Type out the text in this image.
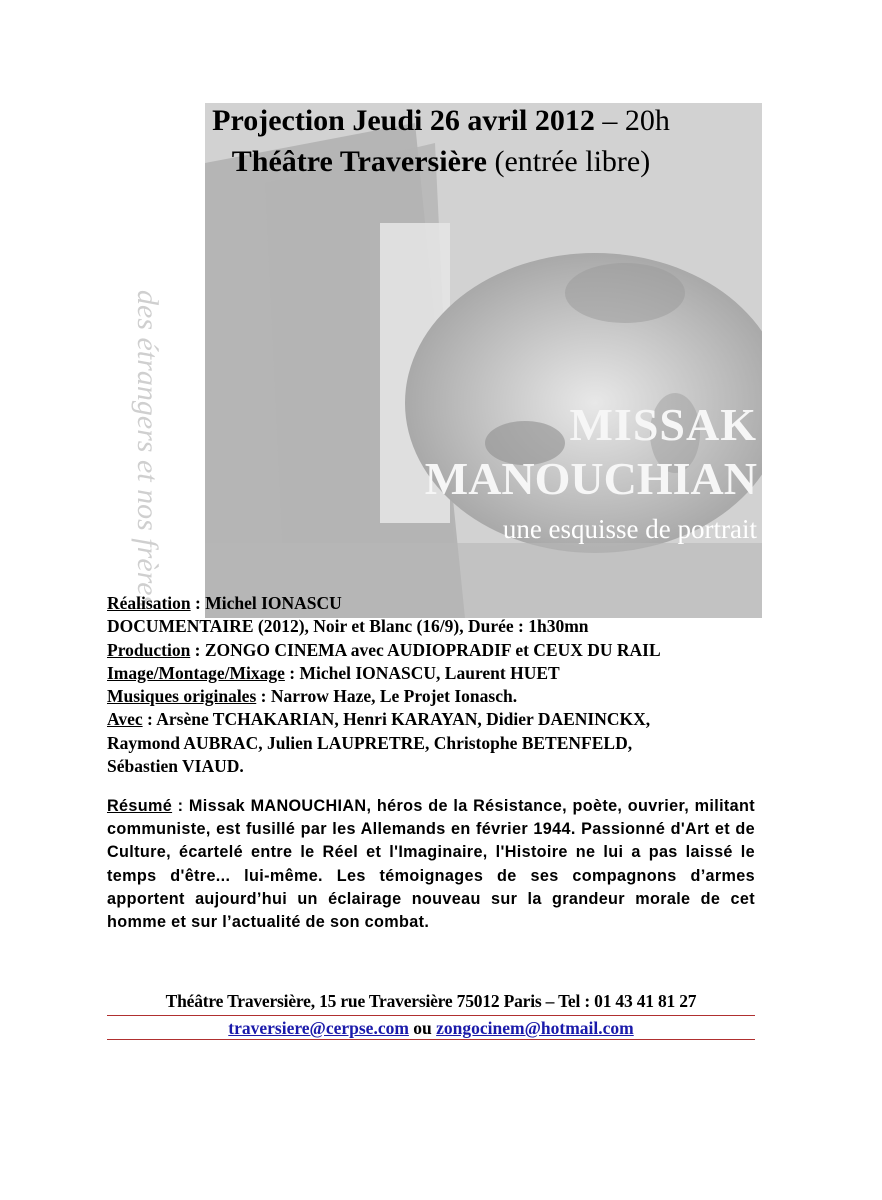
Projection Jeudi 26 avril 2012 – 20h
Théâtre Traversière (entrée libre)
des étrangers et nos frères	MISSAK
MANOUCHIAN
une esquisse de portrait
Réalisation : Michel IONASCU
DOCUMENTAIRE (2012), Noir et Blanc (16/9), Durée : 1h30mn
Production : ZONGO CINEMA avec AUDIOPRADIF et CEUX DU RAIL
Image/Montage/Mixage : Michel IONASCU, Laurent HUET
Musiques originales : Narrow Haze, Le Projet Ionasch.
Avec : Arsène TCHAKARIAN, Henri KARAYAN, Didier DAENINCKX,
Raymond AUBRAC, Julien LAUPRETRE, Christophe BETENFELD,
Sébastien VIAUD.
Résumé : Missak MANOUCHIAN, héros de la Résistance, poète, ouvrier, militant communiste, est fusillé par les Allemands en février 1944. Passionné d'Art et de Culture, écartelé entre le Réel et l'Imaginaire, l'Histoire ne lui a pas laissé le temps d'être... lui-même. Les témoignages de ses compagnons d’armes apportent aujourd’hui un éclairage nouveau sur la grandeur morale de cet homme et sur l’actualité de son combat.
Théâtre Traversière, 15 rue Traversière 75012 Paris – Tel : 01 43 41 81 27
traversiere@cerpse.com ou zongocinem@hotmail.com
